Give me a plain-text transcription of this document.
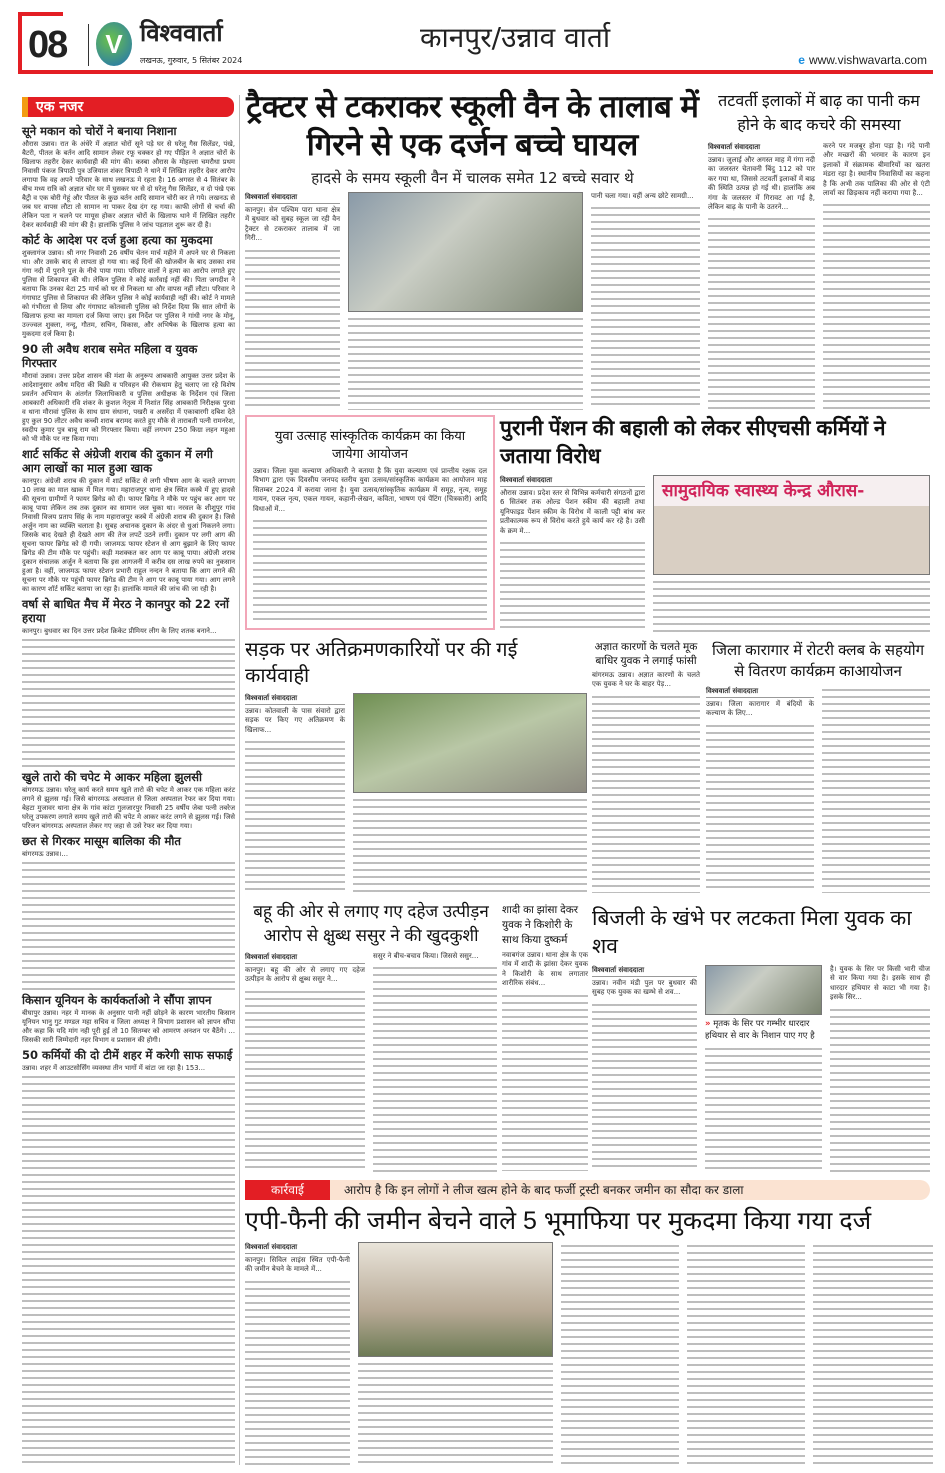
08	V विश्ववार्ता
लखनऊ, गुरुवार, 5 सितंबर 2024
कानपुर/उन्नाव वार्ता
e www.vishwavarta.com
एक नजर
सूने मकान को चोरों ने बनाया निशाना

औरास उन्नाव। रात के अंधेरे में अज्ञात चोरों सूने पड़े घर से घरेलू गैस सिलेंडर, पंखे, बैटरी, पीतल के बर्तन आदि सामान लेकर रफू चक्कर हो गए पीड़ित ने अज्ञात चोरों के खिलाफ तहरीर देकर कार्यवाही की मांग की। कस्बा औरास के मोहल्ला चमरौधा प्रथम निवासी पंकज त्रिपाठी पुत्र उजियाल शंकर त्रिपाठी ने थाने में लिखित तहरीर देकर आरोप लगाया कि वह अपने परिवार के साथ लखनऊ मे रहता है। 16 अगस्त से 4 सितंबर के बीच मध्य रात्रि को अज्ञात चोर घर में घुसकर घर से दो घरेलू गैस सिलेंडर, व दो पंखे एक बैट्री व एक बोरी गेहूं और पीतल के कुछ बर्तन आदि सामान चोरी कर ले गये। लखनऊ से जब घर वापस लौटा तो सामान ना पाकर देख दंग रह गया। काफी लोगों से चर्चा की लेकिन पता न चलने पर मायूस होकर अज्ञात चोरों के खिलाफ थाने में लिखित तहरीर देकर कार्यवाही की मांग की है। हालांकि पुलिस ने जांच पड़ताल शुरू कर दी है।

कोर्ट के आदेश पर दर्ज हुआ हत्या का मुकदमा

शुक्लागंज उन्नाव। श्री नगर निवासी 26 वर्षीय चेतन मार्च महीने में अपने घर से निकला था। और उसके बाद से लापता हो गया था। कई दिनों की खोजबीन के बाद उसका शव गंगा नदी में पुराने पुल के नीचे पाया गया। परिवार वालों ने हत्या का आरोप लगाते हुए पुलिस से शिकायत की थी। लेकिन पुलिस ने कोई कार्रवाई नहीं की। पिता जगदीश ने बताया कि उनका बेटा 25 मार्च को घर से निकला था और वापस नहीं लौटा। परिवार ने गंगाघाट पुलिस से शिकायत की लेकिन पुलिस ने कोई कार्यवाही नहीं की। कोर्ट ने मामले को गंभीरता से लिया और गंगाघाट कोतवाली पुलिस को निर्देश दिया कि सात लोगों के खिलाफ हत्या का मामला दर्ज किया जाए। इस निर्देश पर पुलिस ने गांधी नगर के मोनू, उज्ज्वल शुक्ला, नन्दू, गौतम, सचिन, विकास, और अभिषेक के खिलाफ हत्या का मुकदमा दर्ज किया है।

90 ली अवैध शराब समेत महिला व युवक गिरफ्तार

मौरावां उन्नाव। उत्तर प्रदेश शासन की मंशा के अनुरूप आबकारी आयुक्त उत्तर प्रदेश के आदेशानुसार अवैध मदिरा की बिक्री व परिवहन की रोकथाम हेतु चलाए जा रहे विशेष प्रवर्तन अभियान के अंतर्गत जिलाधिकारी व पुलिस अधीक्षक के निर्देशन एवं जिला आबकारी अधिकारी रवि शंकर के कुशल नेतृत्व में निशांत सिंह आबकारी निरीक्षक पुरवा व थाना मौरावां पुलिस के साथ ग्राम संधाना, पखरी व असरेंदा में एकाबारगी दबिश देते हुए कुल 90 लीटर अवैध कच्ची शराब बरामद करते हुए मौके से ताराबती पत्नी रामनरेश, स्वदीप कुमार पुत्र बाबू राम को गिरफ्तार किया। वहीं लगभग 250 किग्रा लहन महुआ को भी मौके पर नष्ट किया गया।

शार्ट सर्किट से अंग्रेजी शराब की दुकान में लगी आग लाखों का माल हुआ खाक

कानपुर। अंग्रेजी शराब की दुकान में शार्ट सर्किट से लगी भीषण आग के चलते लगभग 10 लाख का माल खाक में मिल गया। महाराजपुर थाना क्षेत्र स्थित कस्बे में हुए हादसे की सूचना ग्रामीणों ने फायर ब्रिगेड को दी। फायर ब्रिगेड ने मौके पर पहुंच कर आग पर काबू पाया लेकिन तब तक दुकान का सामान जल चुका था। नरवल के शीशुपुर गांव निवासी विजय प्रताप सिंह के नाम महाराजपुर कस्बे में अंग्रेजी शराब की दुकान है। जिसे अर्जुन नाम का व्यक्ति चलाता है। सुबह अचानक दुकान के अंदर से धुआं निकलने लगा। जिसके बाद देखते ही देखते आग की तेज लपटें उठने लगीं। दुकान पर लगी आग की सूचना फायर ब्रिगेड को दी गयी। जाजमऊ फायर स्टेशन से आग बुझाने के लिए फायर ब्रिगेड की टीम मौके पर पहुंची। कड़ी मशक्कत कर आग पर काबू पाया। अंग्रेजी शराब दुकान संचालक अर्जुन ने बताया कि इस आगजनी में करीब दस लाख रुपये का नुकसान हुआ है। वहीं, जाजमऊ फायर स्टेशन प्रभारी राहुल नन्दन ने बताया कि आग लगने की सूचना पर मौके पर पहुंची फायर ब्रिगेड की टीम ने आग पर काबू पाया गया। आग लगने का कारण शॉर्ट सर्किट बताया जा रहा है। हालांकि मामले की जांच की जा रही है।

वर्षा से बाधित मैच में मेरठ ने कानपुर को 22 रनों हराया

कानपुर। बुधवार का दिन उत्तर प्रदेश क्रिकेट प्रीमियर लीग के लिए शतक बनाने...

खुले तारो की चपेट मे आकर महिला झुलसी

बांगरमऊ उन्नाव। घरेलू कार्य करते समय खुले तारो की चपेट मे आकर एक महिला करंट लगने से झुलस गई। जिसे बांगरमऊ अस्पताल से जिला अस्पताल रेफर कर दिया गया। बेहटा मुजावर थाना क्षेत्र के गांव कांटा गुलजारपुर निवासी 25 वर्षीय जेबा पत्नी तबरेज घरेलू उपकरण लगाते समय खुले तारो की चपेट मे आकर करंट लगने से झुलस गई। जिसे परिजन बांगरमऊ अस्पताल लेकर गए जहा से उसे रेफर कर दिया गया।

छत से गिरकर मासूम बालिका की मौत

बांगरमऊ उन्नाव।...

किसान यूनियन के कार्यकर्ताओ ने सौंपा ज्ञापन

बीघापुर उन्नाव। नहर मे मानक के अनुसार पानी नहीं छोड़ने के कारण भारतीय किसान यूनियन भानु गुट मण्डल महा सचिव व जिला अध्यक्ष ने विभाग प्रशासन को ज्ञापन सौंपा और कहा कि यदि मांग नही पूरी हुई तो 10 सितम्बर को आमरण अनशन पर बैठेंगे। ... जिसकी सारी जिम्मेदारी नहर विभाग व प्रशासन की होगी।

50 कर्मियों की दो टीमें शहर में करेगी साफ सफाई

उन्नाव। शहर में आउटसोर्सिंग व्यवस्था तीन भागों में बांटा जा रहा है। 153...

ट्रैक्टर से टकराकर स्कूली वैन के तालाब में गिरने से एक दर्जन बच्चे घायल
हादसे के समय स्कूली वैन में चालक समेत 12 बच्चे सवार थे
विश्ववार्ता संवाददाता

कानपुर। सेन पश्चिम पारा थाना क्षेत्र में बुधवार को सुबह स्कूल जा रही वैन ट्रैक्टर से टकराकर तालाब में जा गिरी...

पानी चला गया। वहीं अन्य छोटे सामग्री...

तटवर्ती इलाकों में बाढ़ का पानी कम होने के बाद कचरे की समस्या
विश्ववार्ता संवाददाता

उन्नाव। जुलाई और अगस्त माह में गंगा नदी का जलस्तर चेतावनी बिंदु 112 को पार कर गया था, जिससे तटवर्ती इलाकों में बाढ़ की स्थिति उत्पन्न हो गई थी। हालांकि अब गंगा के जलस्तर में गिरावट आ गई है, लेकिन बाढ़ के पानी के उतरने...

करने पर मजबूर होना पड़ा है। गंदे पानी और मच्छरों की भरमार के कारण इन इलाकों में संक्रामक बीमारियों का खतरा मंडरा रहा है। स्थानीय निवासियों का कहना है कि अभी तक पालिका की ओर से एंटी लार्वा का छिड़काव नहीं कराया गया है...

युवा उत्साह सांस्कृतिक कार्यक्रम का किया जायेगा आयोजन

उन्नाव। जिला युवा कल्याण अधिकारी ने बताया है कि युवा कल्याण एवं प्रान्तीय रक्षक दल विभाग द्वारा एक दिवसीय जनपद स्तरीय युवा उत्सव/सांस्कृतिक कार्यक्रम का आयोजन माह सितम्बर 2024 में कराया जाना है। युवा उत्सव/सांस्कृतिक कार्यक्रम में समूह, नृत्य, समूह गायन, एकल नृत्य, एकल गायन, कहानी-लेखन, कविता, भाषण एवं पेंटिंग (चित्रकारी) आदि विधाओं में...

पुरानी पेंशन की बहाली को लेकर सीएचसी कर्मियों ने जताया विरोध
विश्ववार्ता संवाददाता

औरास उन्नाव। प्रदेश स्तर से विभिन्न कर्मचारी संगठनों द्वारा 6 सितंबर तक ओल्ड पेंशन स्कीम की बहाली तथा यूनिफाइड पेंशन स्कीम के विरोध में काली पट्टी बांध कर प्रतीकात्मक रूप से विरोध करते हुये कार्य कर रहे है। उसी के क्रम मे...

सामुदायिक स्वास्थ्य केन्द्र औरास-
सड़क पर अतिक्रमणकारियों पर की गई कार्यवाही
विश्ववार्ता संवाददाता

उन्नाव। कोतवाली के पास संवारो द्वारा सड़क पर किए गए अतिक्रमण के खिलाफ...

अज्ञात कारणों के चलते मूक बाधिर युवक ने लगाई फांसी

बांगरमऊ उन्नाव। अज्ञात कारणों के चलते एक युवक ने घर के बाहर पेड़...

जिला कारागार में रोटरी क्लब के सहयोग से वितरण कार्यक्रम काआयोजन
विश्ववार्ता संवाददाता

उन्नाव। जिला कारागार में बंदियों के कल्याण के लिए...

बहू की ओर से लगाए गए दहेज उत्पीड़न आरोप से क्षुब्ध ससुर ने की खुदकुशी
विश्ववार्ता संवाददाता

कानपुर। बहू की ओर से लगाए गए दहेज उत्पीड़न के आरोप से क्षुब्ध ससुर ने...

ससुर ने बीच-बचाव किया। जिससे ससुर...

शादी का झांसा देकर युवक ने किशोरी के साथ किया दुष्कर्म

नवाबगंज उन्नाव। थाना क्षेत्र के एक गांव में शादी के झांसा देकर युवक ने किशोरी के साथ लगातार शारीरिक संबंध...

बिजली के खंभे पर लटकता मिला युवक का शव
विश्ववार्ता संवाददाता

उन्नाव। नवीन मंडी पुल पर बुधवार की सुबह एक युवक का खम्भे से शव...

» मृतक के सिर पर गम्भीर धारदार हथियार से वार के निशान पाए गए है

है। युवक के सिर पर किसी भारी चीज से वार किया गया है। इसके साथ ही धारदार हथियार से काटा भी गया है। इसके सिर...

कार्रवाई	आरोप है कि इन लोगों ने लीज खत्म होने के बाद फर्जी ट्रस्टी बनकर जमीन का सौदा कर डाला
एपी-फैनी की जमीन बेचने वाले 5 भूमाफिया पर मुकदमा किया गया दर्ज
विश्ववार्ता संवाददाता

कानपुर। सिविल लाइंस स्थित एपी-फैनी की जमीन बेचने के मामले में...
